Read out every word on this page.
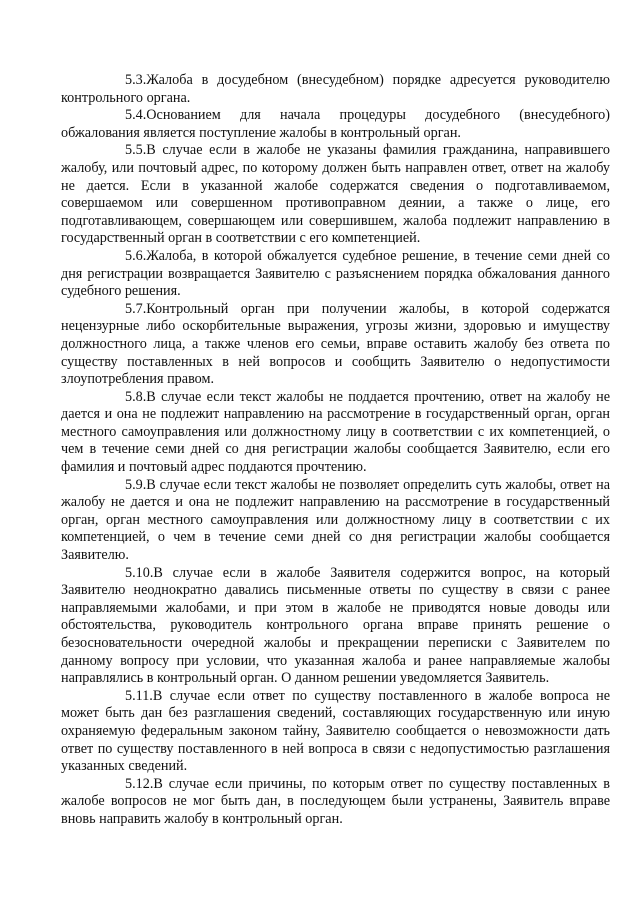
5.3.Жалоба в досудебном (внесудебном) порядке адресуется руководителю контрольного органа.

5.4.Основанием для начала процедуры досудебного (внесудебного) обжалования является поступление жалобы в контрольный орган.

5.5.В случае если в жалобе не указаны фамилия гражданина, направившего жалобу, или почтовый адрес, по которому должен быть направлен ответ, ответ на жалобу не дается. Если в указанной жалобе содержатся сведения о подготавливаемом, совершаемом или совершенном противоправном деянии, а также о лице, его подготавливающем, совершающем или совершившем, жалоба подлежит направлению в государственный орган в соответствии с его компетенцией.

5.6.Жалоба, в которой обжалуется судебное решение, в течение семи дней со дня регистрации возвращается Заявителю с разъяснением порядка обжалования данного судебного решения.

5.7.Контрольный орган при получении жалобы, в которой содержатся нецензурные либо оскорбительные выражения, угрозы жизни, здоровью и имуществу должностного лица, а также членов его семьи, вправе оставить жалобу без ответа по существу поставленных в ней вопросов и сообщить Заявителю о недопустимости злоупотребления правом.

5.8.В случае если текст жалобы не поддается прочтению, ответ на жалобу не дается и она не подлежит направлению на рассмотрение в государственный орган, орган местного самоуправления или должностному лицу в соответствии с их компетенцией, о чем в течение семи дней со дня регистрации жалобы сообщается Заявителю, если его фамилия и почтовый адрес поддаются прочтению.

5.9.В случае если текст жалобы не позволяет определить суть жалобы, ответ на жалобу не дается и она не подлежит направлению на рассмотрение в государственный орган, орган местного самоуправления или должностному лицу в соответствии с их компетенцией, о чем в течение семи дней со дня регистрации жалобы сообщается Заявителю.

5.10.В случае если в жалобе Заявителя содержится вопрос, на который Заявителю неоднократно давались письменные ответы по существу в связи с ранее направляемыми жалобами, и при этом в жалобе не приводятся новые доводы или обстоятельства, руководитель контрольного органа вправе принять решение о безосновательности очередной жалобы и прекращении переписки с Заявителем по данному вопросу при условии, что указанная жалоба и ранее направляемые жалобы направлялись в контрольный орган. О данном решении уведомляется Заявитель.

5.11.В случае если ответ по существу поставленного в жалобе вопроса не может быть дан без разглашения сведений, составляющих государственную или иную охраняемую федеральным законом тайну, Заявителю сообщается о невозможности дать ответ по существу поставленного в ней вопроса в связи с недопустимостью разглашения указанных сведений.

5.12.В случае если причины, по которым ответ по существу поставленных в жалобе вопросов не мог быть дан, в последующем были устранены, Заявитель вправе вновь направить жалобу в контрольный орган.
